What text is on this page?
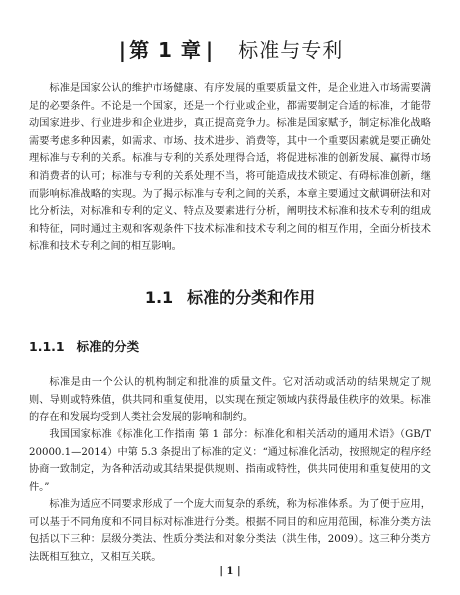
| 第 1 章 | 标准与专利

标准是国家公认的维护市场健康、有序发展的重要质量文件，是企业进入市场需要满足的必要条件。不论是一个国家，还是一个行业或企业，都需要制定合适的标准，才能带动国家进步、行业进步和企业进步，真正提高竞争力。标准是国家赋予，制定标准化战略需要考虑多种因素，如需求、市场、技术进步、消费等，其中一个重要因素就是要正确处理标准与专利的关系。标准与专利的关系处理得合适，将促进标准的创新发展、赢得市场和消费者的认可；标准与专利的关系处理不当，将可能造成技术锁定、有碍标准创新，继而影响标准战略的实现。为了揭示标准与专利之间的关系，本章主要通过文献调研法和对比分析法，对标准和专利的定义、特点及要素进行分析，阐明技术标准和技术专利的组成和特征，同时通过主观和客观条件下技术标准和技术专利之间的相互作用，全面分析技术标准和技术专利之间的相互影响。

1.1 标准的分类和作用
1.1.1 标准的分类

标准是由一个公认的机构制定和批准的质量文件。它对活动或活动的结果规定了规则、导则或特殊值，供共同和重复使用，以实现在预定领域内获得最佳秩序的效果。标准的存在和发展均受到人类社会发展的影响和制约。

我国国家标准《标准化工作指南 第 1 部分：标准化和相关活动的通用术语》（GB/T 20000.1—2014）中第 5.3 条提出了标准的定义：“通过标准化活动，按照规定的程序经协商一致制定，为各种活动或其结果提供规则、指南或特性，供共同使用和重复使用的文件。”

标准为适应不同要求形成了一个庞大而复杂的系统，称为标准体系。为了便于应用，可以基于不同角度和不同目标对标准进行分类。根据不同目的和应用范围，标准分类方法包括以下三种：层级分类法、性质分类法和对象分类法（洪生伟，2009）。这三种分类方法既相互独立，又相互关联。

| 1 |
